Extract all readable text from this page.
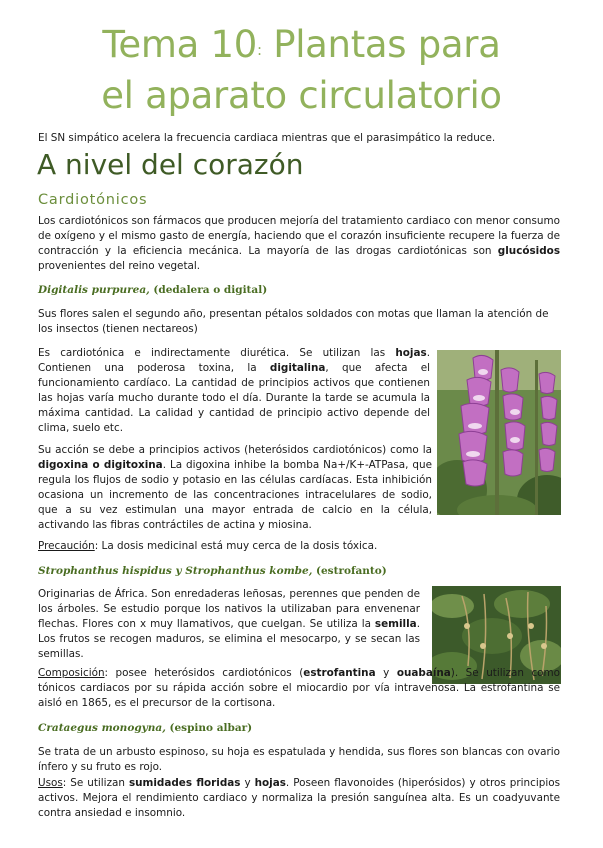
Tema 10: Plantas para
el aparato circulatorio

El SN simpático acelera la frecuencia cardiaca mientras que el parasimpático la reduce.

A nivel del corazón
Cardiotónicos

Los cardiotónicos son fármacos que producen mejoría del tratamiento cardiaco con menor consumo de oxígeno y el mismo gasto de energía, haciendo que el corazón insuficiente recupere la fuerza de contracción y la eficiencia mecánica. La mayoría de las drogas cardiotónicas son glucósidos provenientes del reino vegetal.

Digitalis purpurea, (dedalera o digital)

Sus flores salen el segundo año, presentan pétalos soldados con motas que llaman la atención de los insectos (tienen nectareos)

Es cardiotónica e indirectamente diurética. Se utilizan las hojas. Contienen una poderosa toxina, la digitalina, que afecta el funcionamiento cardíaco. La cantidad de principios activos que contienen las hojas varía mucho durante todo el día. Durante la tarde se acumula la máxima cantidad. La calidad y cantidad de principio activo depende del clima, suelo etc.

Su acción se debe a principios activos (heterósidos cardiotónicos) como la digoxina o digitoxina. La digoxina inhibe la bomba Na+/K+-ATPasa, que regula los flujos de sodio y potasio en las células cardíacas. Esta inhibición ocasiona un incremento de las concentraciones intracelulares de sodio, que a su vez estimulan una mayor entrada de calcio en la célula, activando las fibras contráctiles de actina y miosina.

Precaución: La dosis medicinal está muy cerca de la dosis tóxica.

Strophanthus hispidus y Strophanthus kombe, (estrofanto)

Originarias de África. Son enredaderas leñosas, perennes que penden de los árboles. Se estudio porque los nativos la utilizaban para envenenar flechas. Flores con x muy llamativos, que cuelgan. Se utiliza la semilla. Los frutos se recogen maduros, se elimina el mesocarpo, y se secan las semillas.

Composición: posee heterósidos cardiotónicos (estrofantina y ouabaína). Se utilizan como tónicos cardiacos por su rápida acción sobre el miocardio por vía intravenosa. La estrofantina se aisló en 1865, es el precursor de la cortisona.

Crataegus monogyna, (espino albar)

Se trata de un arbusto espinoso, su hoja es espatulada y hendida, sus flores son blancas con ovario ínfero y su fruto es rojo.

Usos: Se utilizan sumidades floridas y hojas. Poseen flavonoides (hiperósidos) y otros principios activos. Mejora el rendimiento cardiaco y normaliza la presión sanguínea alta. Es un coadyuvante contra ansiedad e insomnio.
